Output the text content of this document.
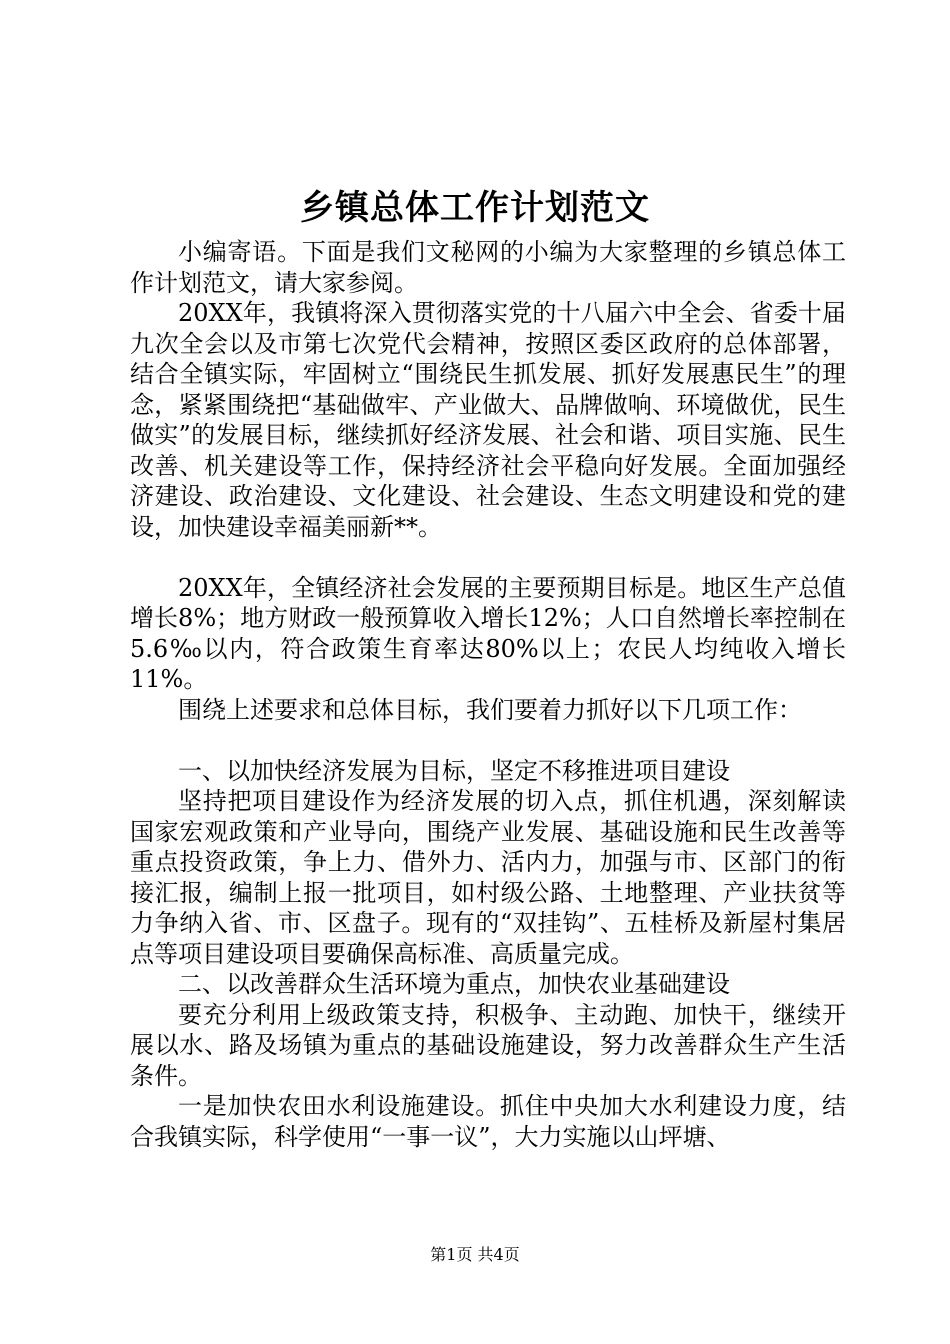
乡镇总体工作计划范文

小编寄语。下面是我们文秘网的小编为大家整理的乡镇总体工作计划范文，请大家参阅。

20XX年，我镇将深入贯彻落实党的十八届六中全会、省委十届九次全会以及市第七次党代会精神，按照区委区政府的总体部署，结合全镇实际，牢固树立“围绕民生抓发展、抓好发展惠民生”的理念，紧紧围绕把“基础做牢、产业做大、品牌做响、环境做优，民生做实”的发展目标，继续抓好经济发展、社会和谐、项目实施、民生改善、机关建设等工作，保持经济社会平稳向好发展。全面加强经济建设、政治建设、文化建设、社会建设、生态文明建设和党的建设，加快建设幸福美丽新**。

20XX年，全镇经济社会发展的主要预期目标是。地区生产总值增长8%；地方财政一般预算收入增长12%；人口自然增长率控制在5.6‰以内，符合政策生育率达80%以上；农民人均纯收入增长11%。

围绕上述要求和总体目标，我们要着力抓好以下几项工作：

一、以加快经济发展为目标，坚定不移推进项目建设

坚持把项目建设作为经济发展的切入点，抓住机遇，深刻解读国家宏观政策和产业导向，围绕产业发展、基础设施和民生改善等重点投资政策，争上力、借外力、活内力，加强与市、区部门的衔接汇报，编制上报一批项目，如村级公路、土地整理、产业扶贫等力争纳入省、市、区盘子。现有的“双挂钩”、五桂桥及新屋村集居点等项目建设项目要确保高标准、高质量完成。

二、以改善群众生活环境为重点，加快农业基础建设

要充分利用上级政策支持，积极争、主动跑、加快干，继续开展以水、路及场镇为重点的基础设施建设，努力改善群众生产生活条件。

一是加快农田水利设施建设。抓住中央加大水利建设力度，结合我镇实际，科学使用“一事一议”，大力实施以山坪塘、

第1页 共4页
